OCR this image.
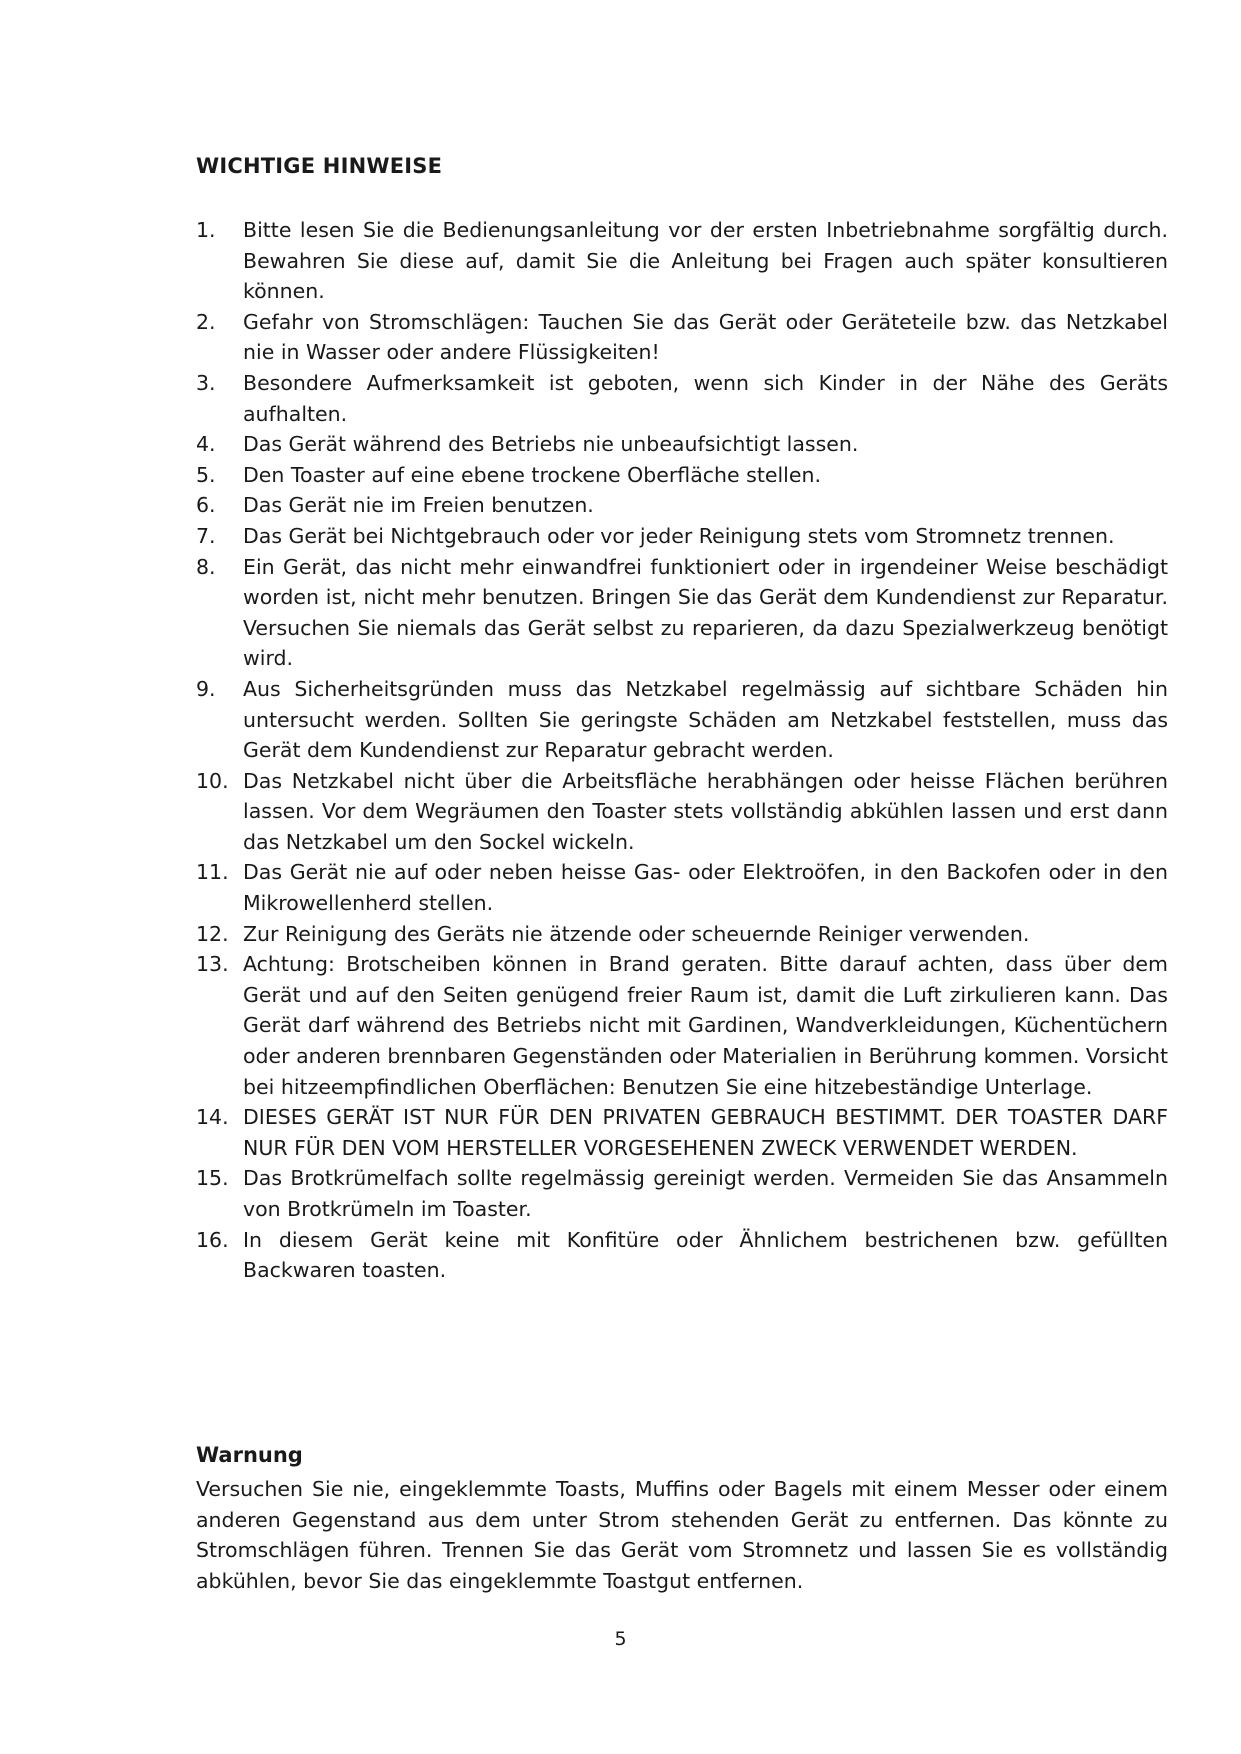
WICHTIGE HINWEISE
1. Bitte lesen Sie die Bedienungsanleitung vor der ersten Inbetriebnahme sorgfältig durch. Bewahren Sie diese auf, damit Sie die Anleitung bei Fragen auch später konsultieren können.
2. Gefahr von Stromschlägen: Tauchen Sie das Gerät oder Geräteteile bzw. das Netzkabel nie in Wasser oder andere Flüssigkeiten!
3. Besondere Aufmerksamkeit ist geboten, wenn sich Kinder in der Nähe des Geräts aufhalten.
4. Das Gerät während des Betriebs nie unbeaufsichtigt lassen.
5. Den Toaster auf eine ebene trockene Oberfläche stellen.
6. Das Gerät nie im Freien benutzen.
7. Das Gerät bei Nichtgebrauch oder vor jeder Reinigung stets vom Stromnetz trennen.
8. Ein Gerät, das nicht mehr einwandfrei funktioniert oder in irgendeiner Weise beschädigt worden ist, nicht mehr benutzen. Bringen Sie das Gerät dem Kundendienst zur Reparatur. Versuchen Sie niemals das Gerät selbst zu reparieren, da dazu Spezialwerkzeug benötigt wird.
9. Aus Sicherheitsgründen muss das Netzkabel regelmässig auf sichtbare Schäden hin untersucht werden. Sollten Sie geringste Schäden am Netzkabel feststellen, muss das Gerät dem Kundendienst zur Reparatur gebracht werden.
10. Das Netzkabel nicht über die Arbeitsfläche herabhängen oder heisse Flächen berühren lassen. Vor dem Wegräumen den Toaster stets vollständig abkühlen lassen und erst dann das Netzkabel um den Sockel wickeln.
11. Das Gerät nie auf oder neben heisse Gas- oder Elektroöfen, in den Backofen oder in den Mikrowellenherd stellen.
12. Zur Reinigung des Geräts nie ätzende oder scheuernde Reiniger verwenden.
13. Achtung: Brotscheiben können in Brand geraten. Bitte darauf achten, dass über dem Gerät und auf den Seiten genügend freier Raum ist, damit die Luft zirkulieren kann. Das Gerät darf während des Betriebs nicht mit Gardinen, Wandverkleidungen, Küchentüchern oder anderen brennbaren Gegenständen oder Materialien in Berührung kommen. Vorsicht bei hitzeempfindlichen Oberflächen: Benutzen Sie eine hitzebeständige Unterlage.
14. DIESES GERÄT IST NUR FÜR DEN PRIVATEN GEBRAUCH BESTIMMT. DER TOASTER DARF NUR FÜR DEN VOM HERSTELLER VORGESEHENEN ZWECK VERWENDET WERDEN.
15. Das Brotkrümelfach sollte regelmässig gereinigt werden. Vermeiden Sie das Ansammeln von Brotkrümeln im Toaster.
16. In diesem Gerät keine mit Konfitüre oder Ähnlichem bestrichenen bzw. gefüllten Backwaren toasten.
Warnung

Versuchen Sie nie, eingeklemmte Toasts, Muffins oder Bagels mit einem Messer oder einem anderen Gegenstand aus dem unter Strom stehenden Gerät zu entfernen. Das könnte zu Stromschlägen führen. Trennen Sie das Gerät vom Stromnetz und lassen Sie es vollständig abkühlen, bevor Sie das eingeklemmte Toastgut entfernen.

5
